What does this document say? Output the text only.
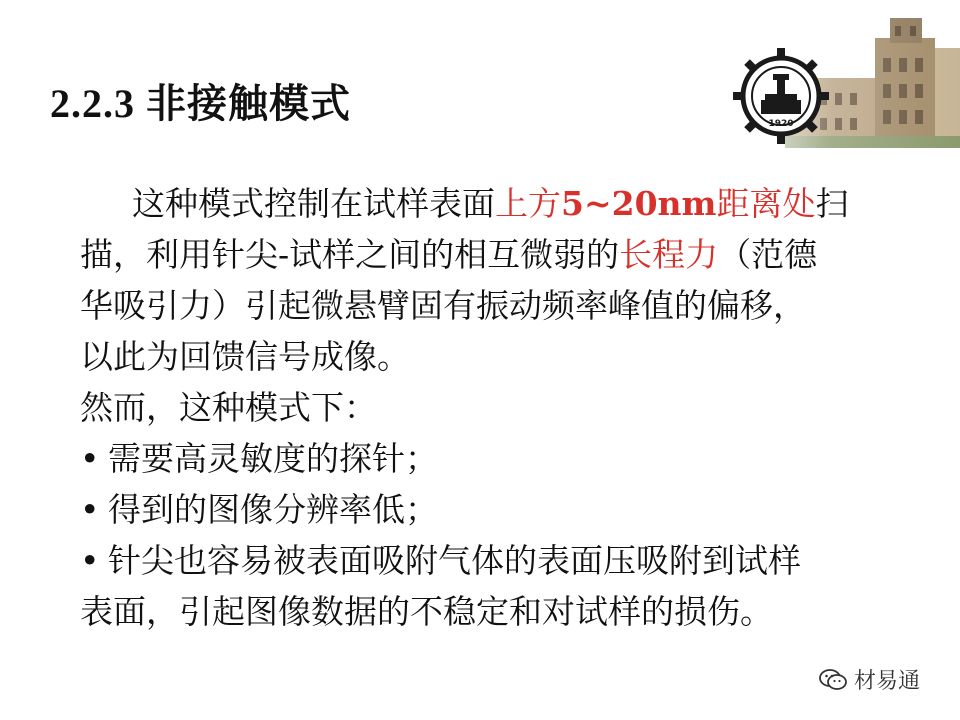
2.2.3 非接触模式	1920
这种模式控制在试样表面上方5~20nm距离处扫
描，利用针尖-试样之间的相互微弱的长程力（范德
华吸引力）引起微悬臂固有振动频率峰值的偏移，
以此为回馈信号成像。
然而，这种模式下：
• 需要高灵敏度的探针；
• 得到的图像分辨率低；
• 针尖也容易被表面吸附气体的表面压吸附到试样
表面，引起图像数据的不稳定和对试样的损伤。
材易通
